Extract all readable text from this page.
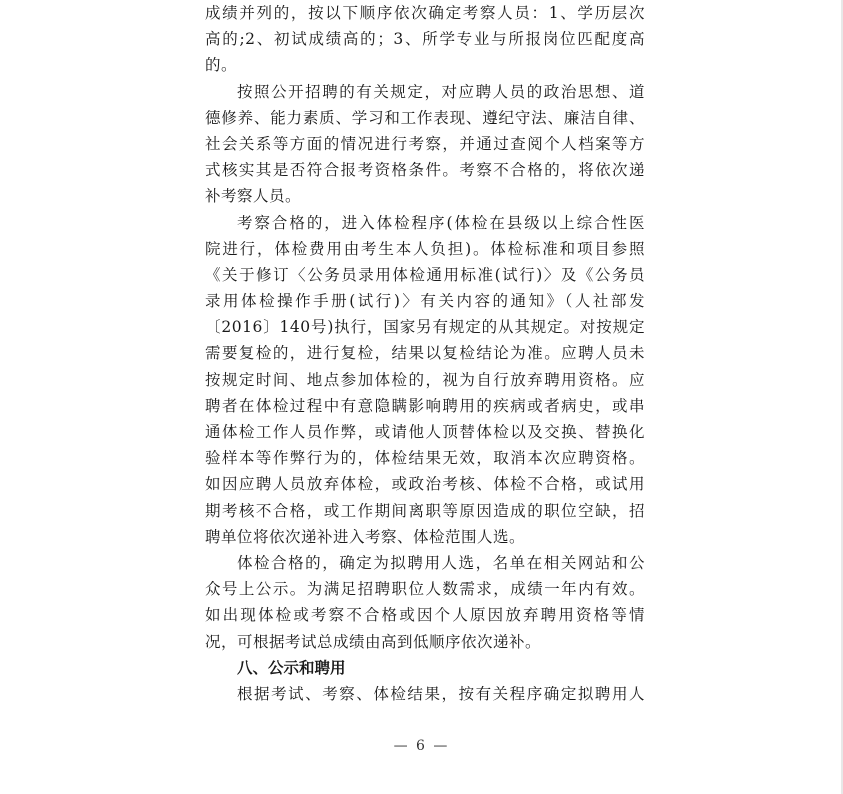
成绩并列的，按以下顺序依次确定考察人员：1、学历层次
高的;2、初试成绩高的；3、所学专业与所报岗位匹配度高
的。
按照公开招聘的有关规定，对应聘人员的政治思想、道
德修养、能力素质、学习和工作表现、遵纪守法、廉洁自律、
社会关系等方面的情况进行考察，并通过查阅个人档案等方
式核实其是否符合报考资格条件。考察不合格的，将依次递
补考察人员。
考察合格的，进入体检程序(体检在县级以上综合性医
院进行，体检费用由考生本人负担)。体检标准和项目参照
《关于修订〈公务员录用体检通用标准(试行)〉及《公务员
录用体检操作手册(试行)〉有关内容的通知》（人社部发
〔2016〕140号)执行，国家另有规定的从其规定。对按规定
需要复检的，进行复检，结果以复检结论为准。应聘人员未
按规定时间、地点参加体检的，视为自行放弃聘用资格。应
聘者在体检过程中有意隐瞒影响聘用的疾病或者病史，或串
通体检工作人员作弊，或请他人顶替体检以及交换、替换化
验样本等作弊行为的，体检结果无效，取消本次应聘资格。
如因应聘人员放弃体检，或政治考核、体检不合格，或试用
期考核不合格，或工作期间离职等原因造成的职位空缺，招
聘单位将依次递补进入考察、体检范围人选。
体检合格的，确定为拟聘用人选，名单在相关网站和公
众号上公示。为满足招聘职位人数需求，成绩一年内有效。
如出现体检或考察不合格或因个人原因放弃聘用资格等情
况，可根据考试总成绩由高到低顺序依次递补。
八、公示和聘用
根据考试、考察、体检结果，按有关程序确定拟聘用人
— 6 —
